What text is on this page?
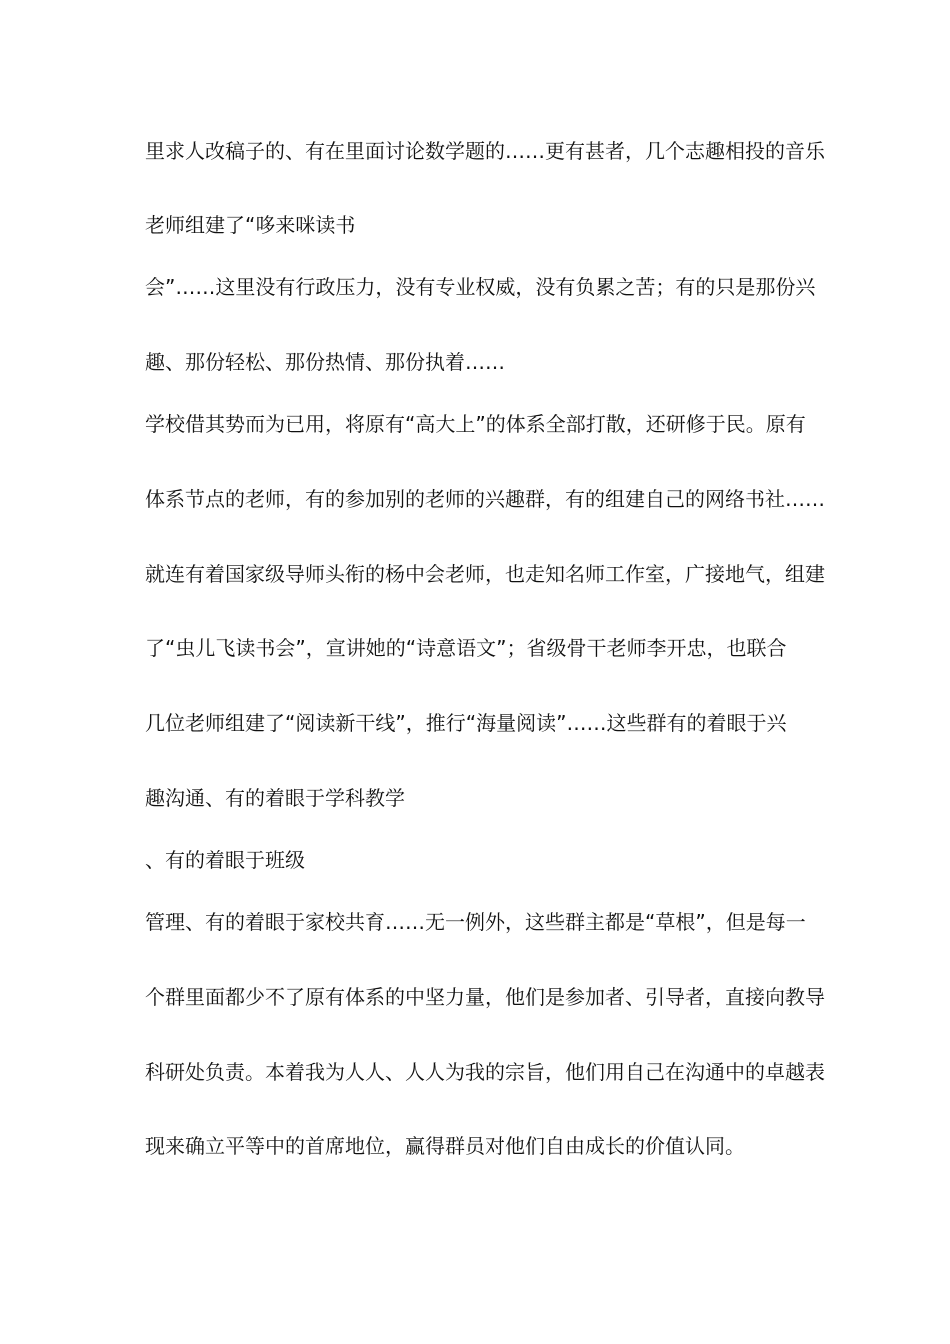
里求人改稿子的、有在里面讨论数学题的……更有甚者，几个志趣相投的音乐
老师组建了“哆来咪读书
会”……这里没有行政压力，没有专业权威，没有负累之苦；有的只是那份兴
趣、那份轻松、那份热情、那份执着……
学校借其势而为已用，将原有“高大上”的体系全部打散，还研修于民。原有
体系节点的老师，有的参加别的老师的兴趣群，有的组建自己的网络书社……
就连有着国家级导师头衔的杨中会老师，也走知名师工作室，广接地气，组建
了“虫儿飞读书会”，宣讲她的“诗意语文”；省级骨干老师李开忠，也联合
几位老师组建了“阅读新干线”，推行“海量阅读”……这些群有的着眼于兴
趣沟通、有的着眼于学科教学
、有的着眼于班级
管理、有的着眼于家校共育……无一例外，这些群主都是“草根”，但是每一
个群里面都少不了原有体系的中坚力量，他们是参加者、引导者，直接向教导
科研处负责。本着我为人人、人人为我的宗旨，他们用自己在沟通中的卓越表
现来确立平等中的首席地位，赢得群员对他们自由成长的价值认同。
